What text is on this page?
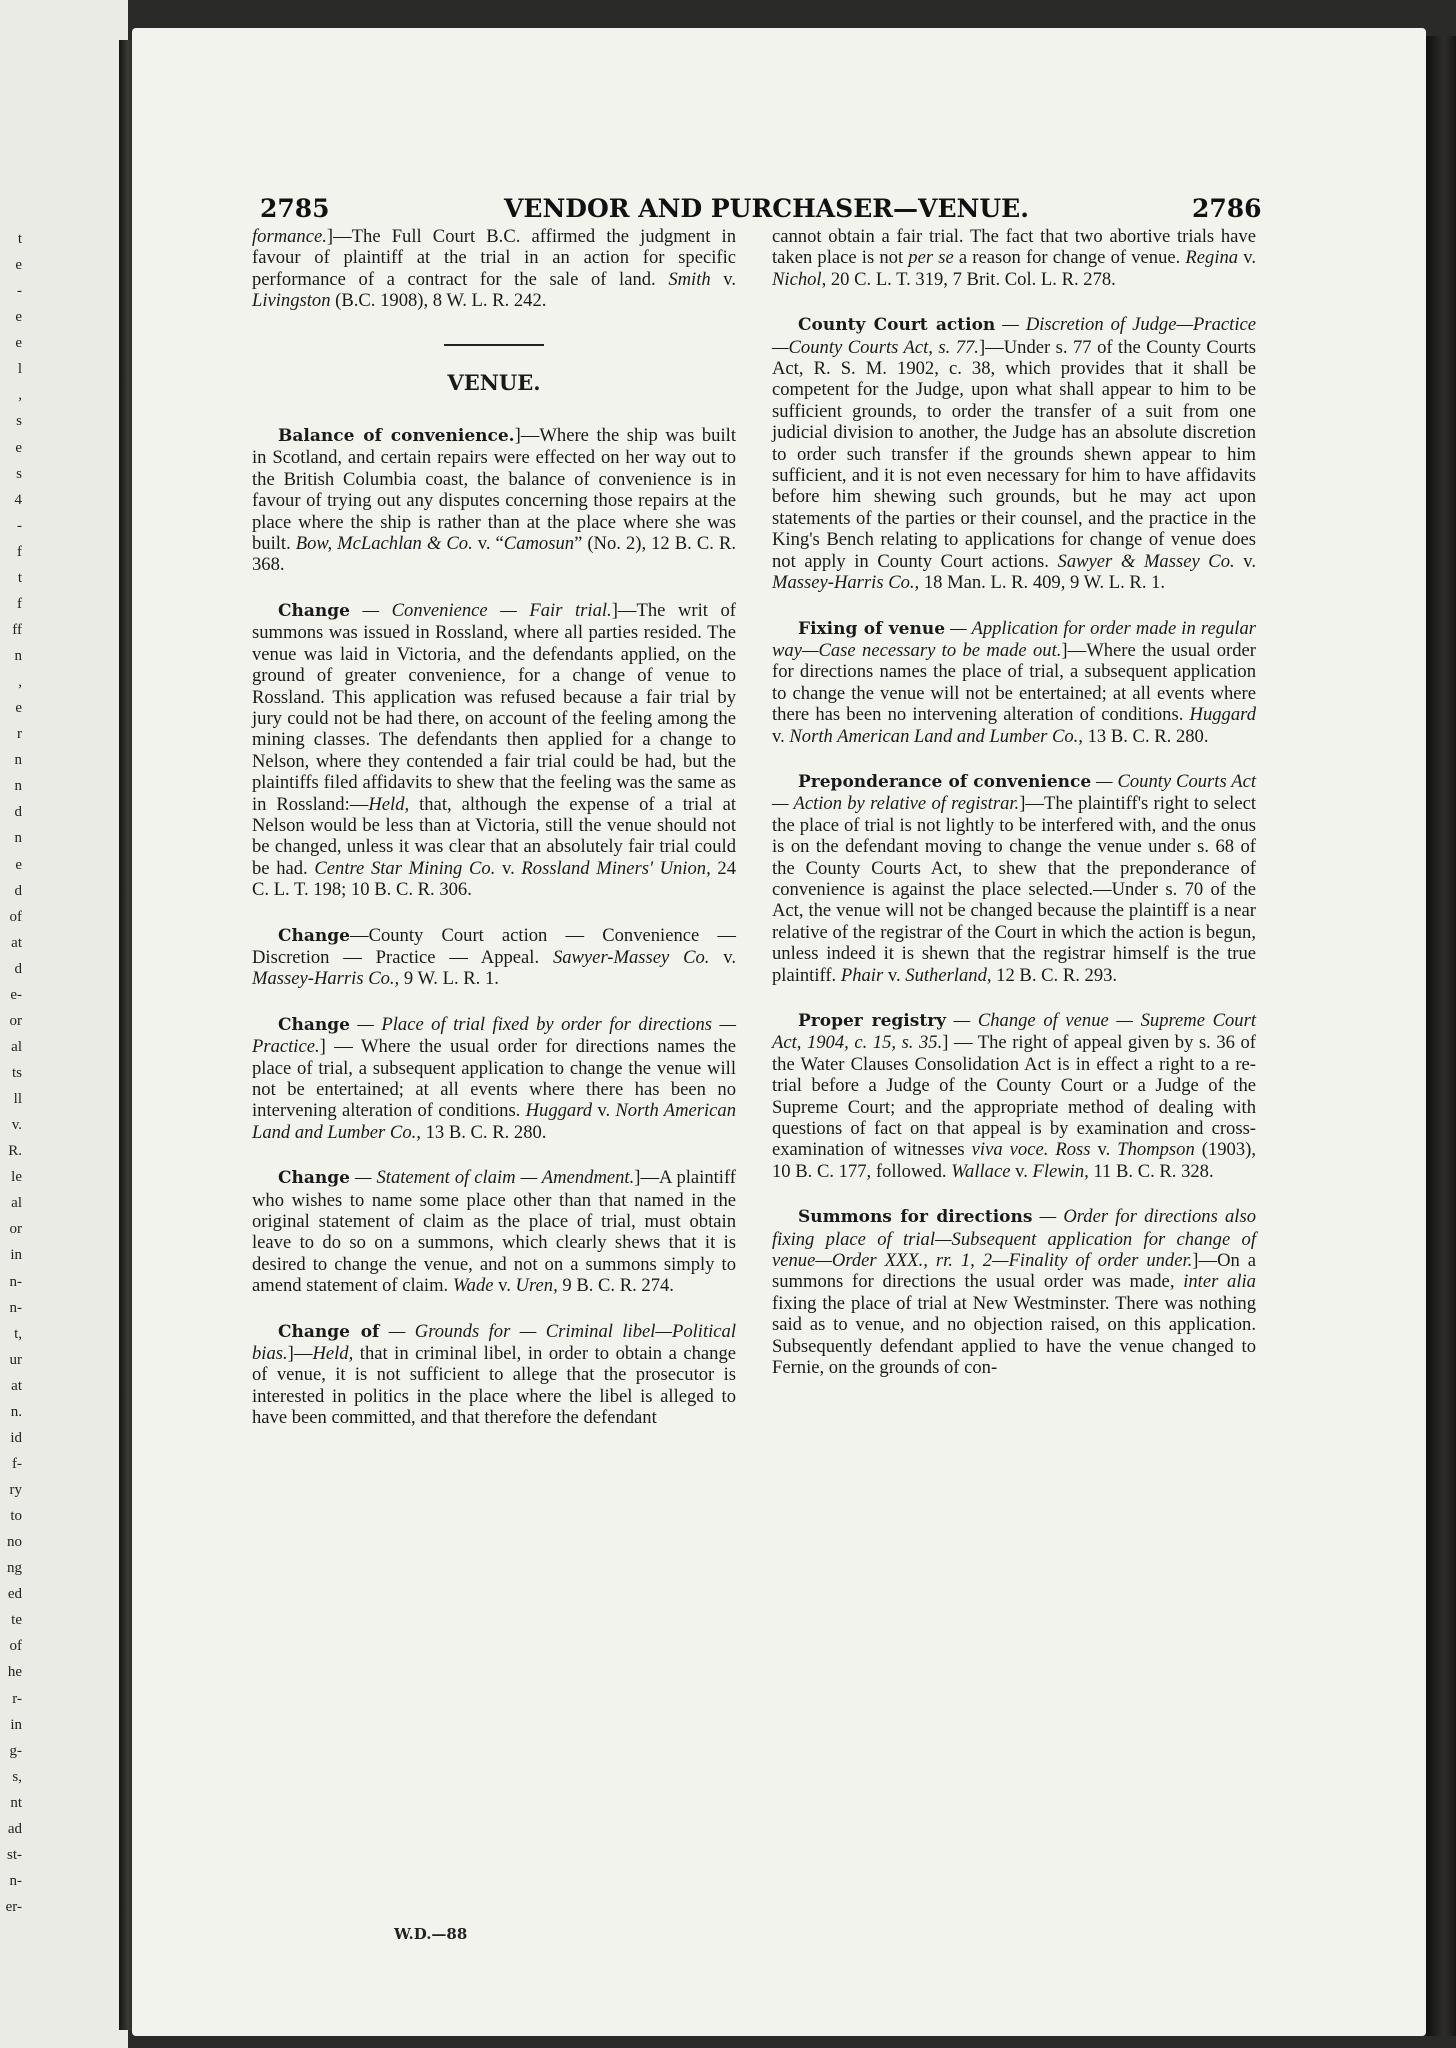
t
e
-
e
e
l
,
s
e
s
4
-
f
t
f
ff
n
,
e
r
n
n
d
n
e
d
of
at
d
e-
or
al
ts
ll
v.
R.
le
al
or
in
n-
n-
t,
ur
at
n.
id
f-
ry
to
no
ng
ed
te
of
he
r-
in
g-
s,
nt
ad
st-
n-
er-
2785	VENDOR AND PURCHASER—VENUE.	2786

formance.]—The Full Court B.C. affirmed the judgment in favour of plaintiff at the trial in an action for specific performance of a contract for the sale of land. Smith v. Livingston (B.C. 1908), 8 W. L. R. 242.

VENUE.

Balance of convenience.]—Where the ship was built in Scotland, and certain repairs were effected on her way out to the British Columbia coast, the balance of convenience is in favour of trying out any disputes concerning those repairs at the place where the ship is rather than at the place where she was built. Bow, McLachlan & Co. v. “Camosun” (No. 2), 12 B. C. R. 368.

Change — Convenience — Fair trial.]—The writ of summons was issued in Rossland, where all parties resided. The venue was laid in Victoria, and the defendants applied, on the ground of greater convenience, for a change of venue to Rossland. This application was refused because a fair trial by jury could not be had there, on account of the feeling among the mining classes. The defendants then applied for a change to Nelson, where they contended a fair trial could be had, but the plaintiffs filed affidavits to shew that the feeling was the same as in Rossland:—Held, that, although the expense of a trial at Nelson would be less than at Victoria, still the venue should not be changed, unless it was clear that an absolutely fair trial could be had. Centre Star Mining Co. v. Rossland Miners' Union, 24 C. L. T. 198; 10 B. C. R. 306.

Change—County Court action — Convenience — Discretion — Practice — Appeal. Sawyer-Massey Co. v. Massey-Harris Co., 9 W. L. R. 1.

Change — Place of trial fixed by order for directions — Practice.] — Where the usual order for directions names the place of trial, a subsequent application to change the venue will not be entertained; at all events where there has been no intervening alteration of conditions. Huggard v. North American Land and Lumber Co., 13 B. C. R. 280.

Change — Statement of claim — Amendment.]—A plaintiff who wishes to name some place other than that named in the original statement of claim as the place of trial, must obtain leave to do so on a summons, which clearly shews that it is desired to change the venue, and not on a summons simply to amend statement of claim. Wade v. Uren, 9 B. C. R. 274.

Change of — Grounds for — Criminal libel—Political bias.]—Held, that in criminal libel, in order to obtain a change of venue, it is not sufficient to allege that the prosecutor is interested in politics in the place where the libel is alleged to have been committed, and that therefore the defendant

cannot obtain a fair trial. The fact that two abortive trials have taken place is not per se a reason for change of venue. Regina v. Nichol, 20 C. L. T. 319, 7 Brit. Col. L. R. 278.

County Court action — Discretion of Judge—Practice—County Courts Act, s. 77.]—Under s. 77 of the County Courts Act, R. S. M. 1902, c. 38, which provides that it shall be competent for the Judge, upon what shall appear to him to be sufficient grounds, to order the transfer of a suit from one judicial division to another, the Judge has an absolute discretion to order such transfer if the grounds shewn appear to him sufficient, and it is not even necessary for him to have affidavits before him shewing such grounds, but he may act upon statements of the parties or their counsel, and the practice in the King's Bench relating to applications for change of venue does not apply in County Court actions. Sawyer & Massey Co. v. Massey-Harris Co., 18 Man. L. R. 409, 9 W. L. R. 1.

Fixing of venue — Application for order made in regular way—Case necessary to be made out.]—Where the usual order for directions names the place of trial, a subsequent application to change the venue will not be entertained; at all events where there has been no intervening alteration of conditions. Huggard v. North American Land and Lumber Co., 13 B. C. R. 280.

Preponderance of convenience — County Courts Act — Action by relative of registrar.]—The plaintiff's right to select the place of trial is not lightly to be interfered with, and the onus is on the defendant moving to change the venue under s. 68 of the County Courts Act, to shew that the preponderance of convenience is against the place selected.—Under s. 70 of the Act, the venue will not be changed because the plaintiff is a near relative of the registrar of the Court in which the action is begun, unless indeed it is shewn that the registrar himself is the true plaintiff. Phair v. Sutherland, 12 B. C. R. 293.

Proper registry — Change of venue — Supreme Court Act, 1904, c. 15, s. 35.] — The right of appeal given by s. 36 of the Water Clauses Consolidation Act is in effect a right to a re-trial before a Judge of the County Court or a Judge of the Supreme Court; and the appropriate method of dealing with questions of fact on that appeal is by examination and cross-examination of witnesses viva voce. Ross v. Thompson (1903), 10 B. C. 177, followed. Wallace v. Flewin, 11 B. C. R. 328.

Summons for directions — Order for directions also fixing place of trial—Subsequent application for change of venue—Order XXX., rr. 1, 2—Finality of order under.]—On a summons for directions the usual order was made, inter alia fixing the place of trial at New Westminster. There was nothing said as to venue, and no objection raised, on this application. Subsequently defendant applied to have the venue changed to Fernie, on the grounds of con-

W.D.—88
